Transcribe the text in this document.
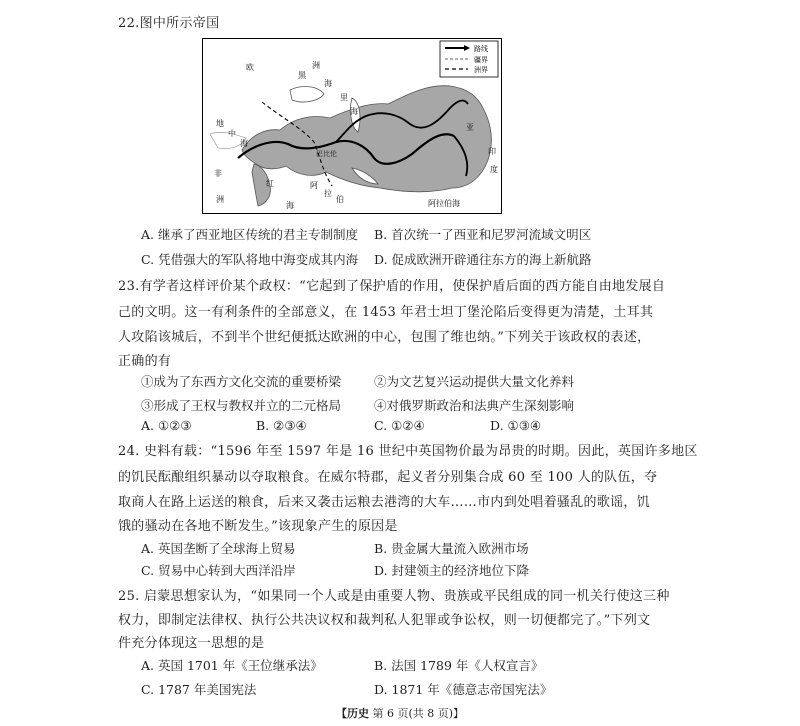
22.图中所示帝国
路线
疆界
洲界
欧	洲
黑
海
里
海
地
中
海
亚
巴比伦	印
度
非
洲
红
海
阿
拉
伯	阿拉伯海
A. 继承了西亚地区传统的君主专制制度 B. 首次统一了西亚和尼罗河流域文明区
C. 凭借强大的军队将地中海变成其内海 D. 促成欧洲开辟通往东方的海上新航路
23.有学者这样评价某个政权：“它起到了保护盾的作用，使保护盾后面的西方能自由地发展自
己的文明。这一有利条件的全部意义，在 1453 年君士坦丁堡沦陷后变得更为清楚，土耳其
人攻陷该城后，不到半个世纪便抵达欧洲的中心，包围了维也纳。”下列关于该政权的表述，
正确的有
①成为了东西方文化交流的重要桥梁	②为文艺复兴运动提供大量文化养料
③形成了王权与教权并立的二元格局	④对俄罗斯政治和法典产生深刻影响
A. ①②③	B. ②③④	C. ①②④	D. ①③④
24. 史料有载：“1596 年至 1597 年是 16 世纪中英国物价最为昂贵的时期。因此，英国许多地区
的饥民酝酿组织暴动以夺取粮食。在威尔特郡，起义者分别集合成 60 至 100 人的队伍，夺
取商人在路上运送的粮食，后来又袭击运粮去港湾的大车……市内到处唱着骚乱的歌谣，饥
饿的骚动在各地不断发生。”该现象产生的原因是
A. 英国垄断了全球海上贸易	B. 贵金属大量流入欧洲市场
C. 贸易中心转到大西洋沿岸	D. 封建领主的经济地位下降
25. 启蒙思想家认为，“如果同一个人或是由重要人物、贵族或平民组成的同一机关行使这三种
权力，即制定法律权、执行公共决议权和裁判私人犯罪或争讼权，则一切便都完了。”下列文
件充分体现这一思想的是
A. 英国 1701 年《王位继承法》	B. 法国 1789 年《人权宣言》
C. 1787 年美国宪法	D. 1871 年《德意志帝国宪法》
【历史 第 6 页(共 8 页)】
